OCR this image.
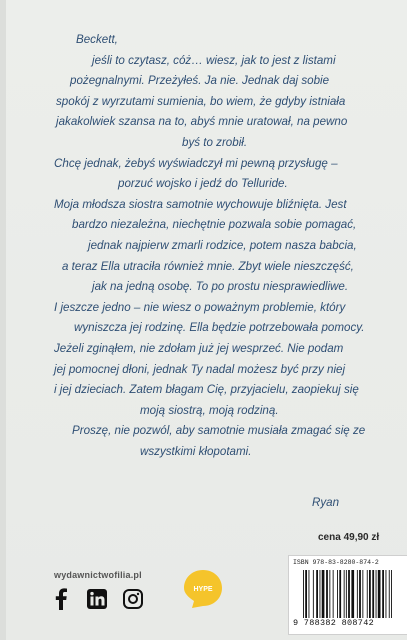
Beckett,
jeśli to czytasz, cóż… wiesz, jak to jest z listami
pożegnalnymi. Przeżyłeś. Ja nie. Jednak daj sobie
spokój z wyrzutami sumienia, bo wiem, że gdyby istniała
jakakolwiek szansa na to, abyś mnie uratował, na pewno
byś to zrobił.
Chcę jednak, żebyś wyświadczył mi pewną przysługę –
porzuć wojsko i jedź do Telluride.
Moja młodsza siostra samotnie wychowuje bliźnięta. Jest
bardzo niezależna, niechętnie pozwala sobie pomagać,
jednak najpierw zmarli rodzice, potem nasza babcia,
a teraz Ella utraciła również mnie. Zbyt wiele nieszczęść,
jak na jedną osobę. To po prostu niesprawiedliwe.
I jeszcze jedno – nie wiesz o poważnym problemie, który
wyniszcza jej rodzinę. Ella będzie potrzebowała pomocy.
Jeżeli zginąłem, nie zdołam już jej wesprzeć. Nie podam
jej pomocnej dłoni, jednak Ty nadal możesz być przy niej
i jej dzieciach. Zatem błagam Cię, przyjacielu, zaopiekuj się
moją siostrą, moją rodziną.
Proszę, nie pozwól, aby samotnie musiała zmagać się ze
wszystkimi kłopotami.
Ryan
cena 49,90 zł
wydawnictwofilia.pl
HYPE
ISBN 978-83-8280-874-2
9 788382 808742
